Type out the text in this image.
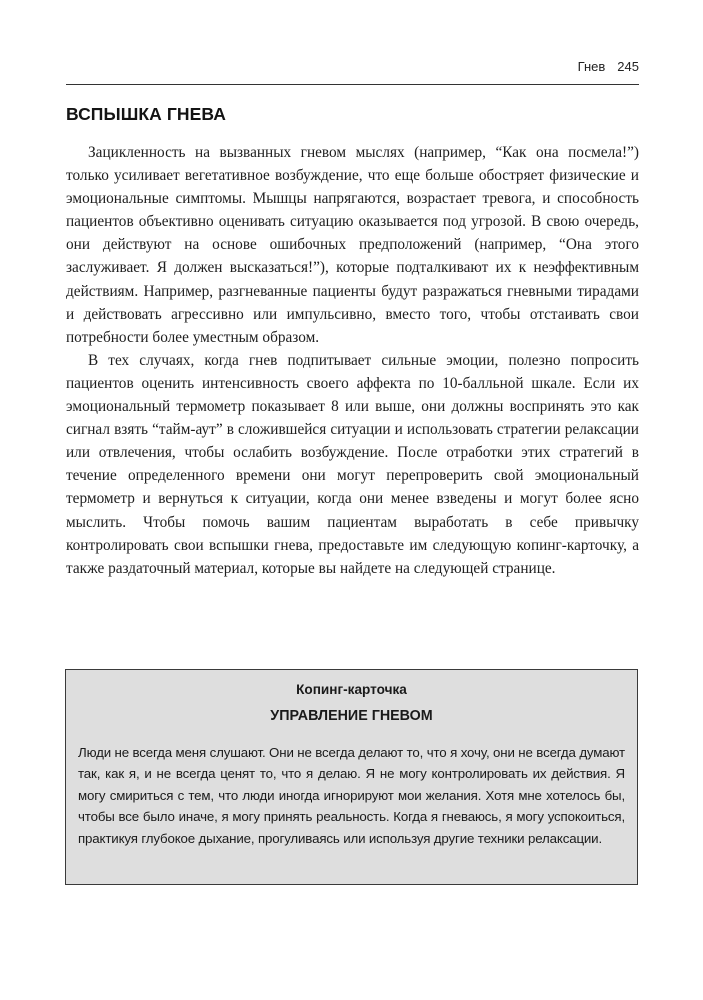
Гнев 245
ВСПЫШКА ГНЕВА

Зацикленность на вызванных гневом мыслях (например, “Как она посмела!”) только усиливает вегетативное возбуждение, что еще больше обостряет физические и эмоциональные симптомы. Мышцы напрягаются, возрастает тревога, и способность пациентов объективно оценивать ситуацию оказывается под угрозой. В свою очередь, они действуют на основе ошибочных предположений (например, “Она этого заслуживает. Я должен высказаться!”), которые подталкивают их к неэффективным действиям. Например, разгневанные пациенты будут разражаться гневными тирадами и действовать агрессивно или импульсивно, вместо того, чтобы отстаивать свои потребности более уместным образом.

В тех случаях, когда гнев подпитывает сильные эмоции, полезно попросить пациентов оценить интенсивность своего аффекта по 10-балльной шкале. Если их эмоциональный термометр показывает 8 или выше, они должны воспринять это как сигнал взять “тайм-аут” в сложившейся ситуации и использовать стратегии релаксации или отвлечения, чтобы ослабить возбуждение. После отработки этих стратегий в течение определенного времени они могут перепроверить свой эмоциональный термометр и вернуться к ситуации, когда они менее взведены и могут более ясно мыслить. Чтобы помочь вашим пациентам выработать в себе привычку контролировать свои вспышки гнева, предоставьте им следующую копинг-карточку, а также раздаточный материал, которые вы найдете на следующей странице.

Копинг-карточка
УПРАВЛЕНИЕ ГНЕВОМ
Люди не всегда меня слушают. Они не всегда делают то, что я хочу, они не всегда думают так, как я, и не всегда ценят то, что я делаю. Я не могу контролировать их действия. Я могу смириться с тем, что люди иногда игнорируют мои желания. Хотя мне хотелось бы, чтобы все было иначе, я могу принять реальность. Когда я гневаюсь, я могу успокоиться, практикуя глубокое дыхание, прогуливаясь или используя другие техники релаксации.
